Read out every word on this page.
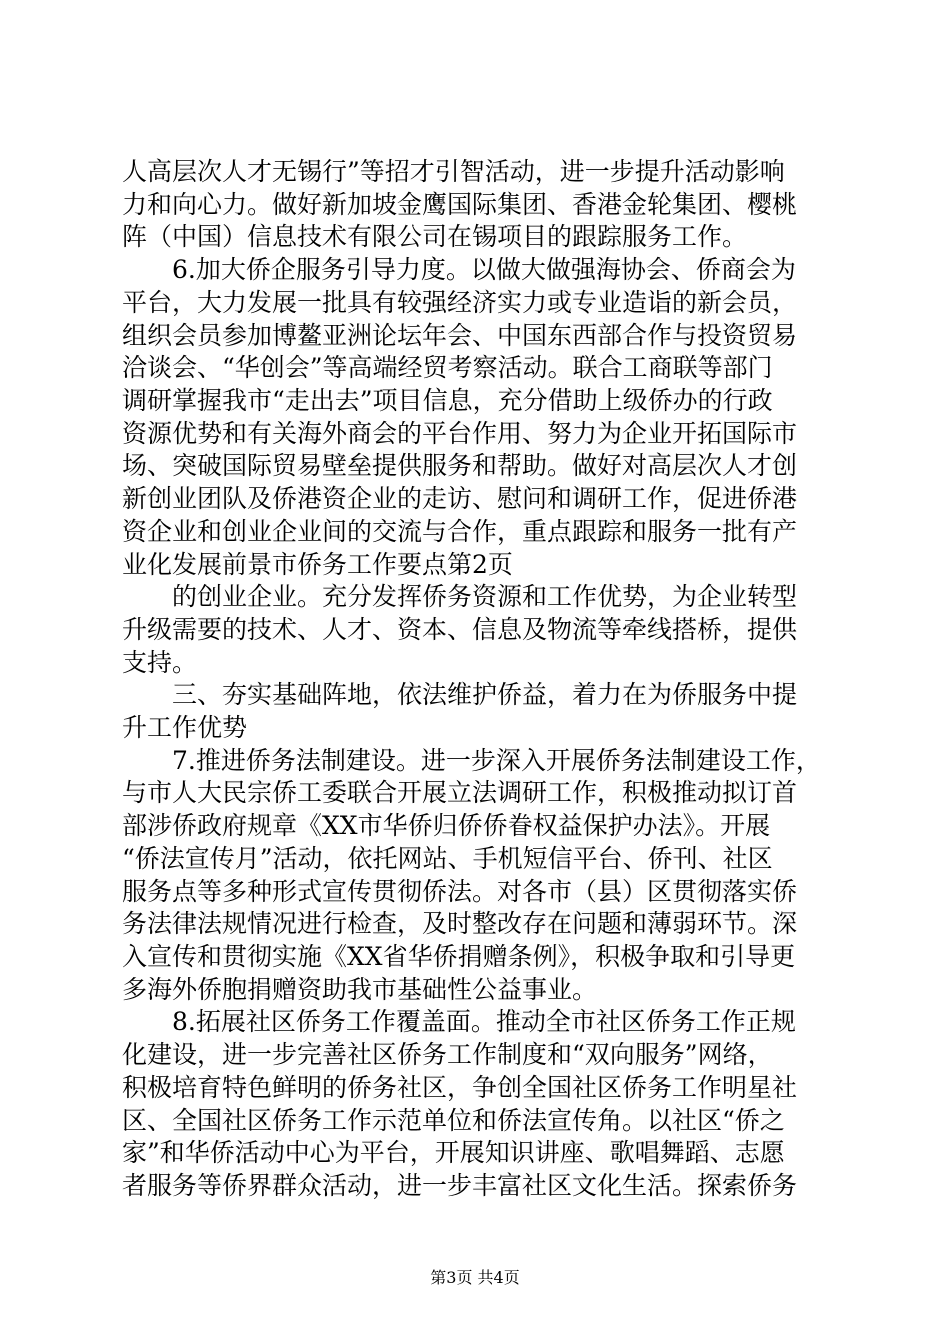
人高层次人才无锡行”等招才引智活动，进一步提升活动影响
力和向心力。做好新加坡金鹰国际集团、香港金轮集团、樱桃
阵（中国）信息技术有限公司在锡项目的跟踪服务工作。
6.加大侨企服务引导力度。以做大做强海协会、侨商会为
平台，大力发展一批具有较强经济实力或专业造诣的新会员，
组织会员参加博鳌亚洲论坛年会、中国东西部合作与投资贸易
洽谈会、“华创会”等高端经贸考察活动。联合工商联等部门
调研掌握我市“走出去”项目信息，充分借助上级侨办的行政
资源优势和有关海外商会的平台作用、努力为企业开拓国际市
场、突破国际贸易壁垒提供服务和帮助。做好对高层次人才创
新创业团队及侨港资企业的走访、慰问和调研工作，促进侨港
资企业和创业企业间的交流与合作，重点跟踪和服务一批有产
业化发展前景市侨务工作要点第2页
的创业企业。充分发挥侨务资源和工作优势，为企业转型
升级需要的技术、人才、资本、信息及物流等牵线搭桥，提供
支持。
三、夯实基础阵地，依法维护侨益，着力在为侨服务中提
升工作优势
7.推进侨务法制建设。进一步深入开展侨务法制建设工作，
与市人大民宗侨工委联合开展立法调研工作，积极推动拟订首
部涉侨政府规章《XX市华侨归侨侨眷权益保护办法》。开展
“侨法宣传月”活动，依托网站、手机短信平台、侨刊、社区
服务点等多种形式宣传贯彻侨法。对各市（县）区贯彻落实侨
务法律法规情况进行检查，及时整改存在问题和薄弱环节。深
入宣传和贯彻实施《XX省华侨捐赠条例》，积极争取和引导更
多海外侨胞捐赠资助我市基础性公益事业。
8.拓展社区侨务工作覆盖面。推动全市社区侨务工作正规
化建设，进一步完善社区侨务工作制度和“双向服务”网络，
积极培育特色鲜明的侨务社区，争创全国社区侨务工作明星社
区、全国社区侨务工作示范单位和侨法宣传角。以社区“侨之
家”和华侨活动中心为平台，开展知识讲座、歌唱舞蹈、志愿
者服务等侨界群众活动，进一步丰富社区文化生活。探索侨务
第3页 共4页
